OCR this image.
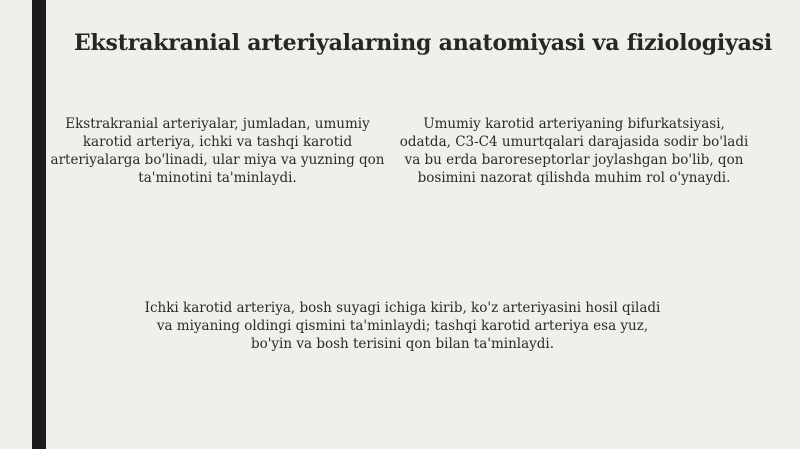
Ekstrakranial arteriyalarning anatomiyasi va fiziologiyasi

Ekstrakranial arteriyalar, jumladan, umumiy karotid arteriya, ichki va tashqi karotid arteriyalarga bo'linadi, ular miya va yuzning qon ta'minotini ta'minlaydi.

Umumiy karotid arteriyaning bifurkatsiyasi, odatda, C3-C4 umurtqalari darajasida sodir bo'ladi va bu erda baroreseptorlar joylashgan bo'lib, qon bosimini nazorat qilishda muhim rol o'ynaydi.

Ichki karotid arteriya, bosh suyagi ichiga kirib, ko'z arteriyasini hosil qiladi va miyaning oldingi qismini ta'minlaydi; tashqi karotid arteriya esa yuz, bo'yin va bosh terisini qon bilan ta'minlaydi.
